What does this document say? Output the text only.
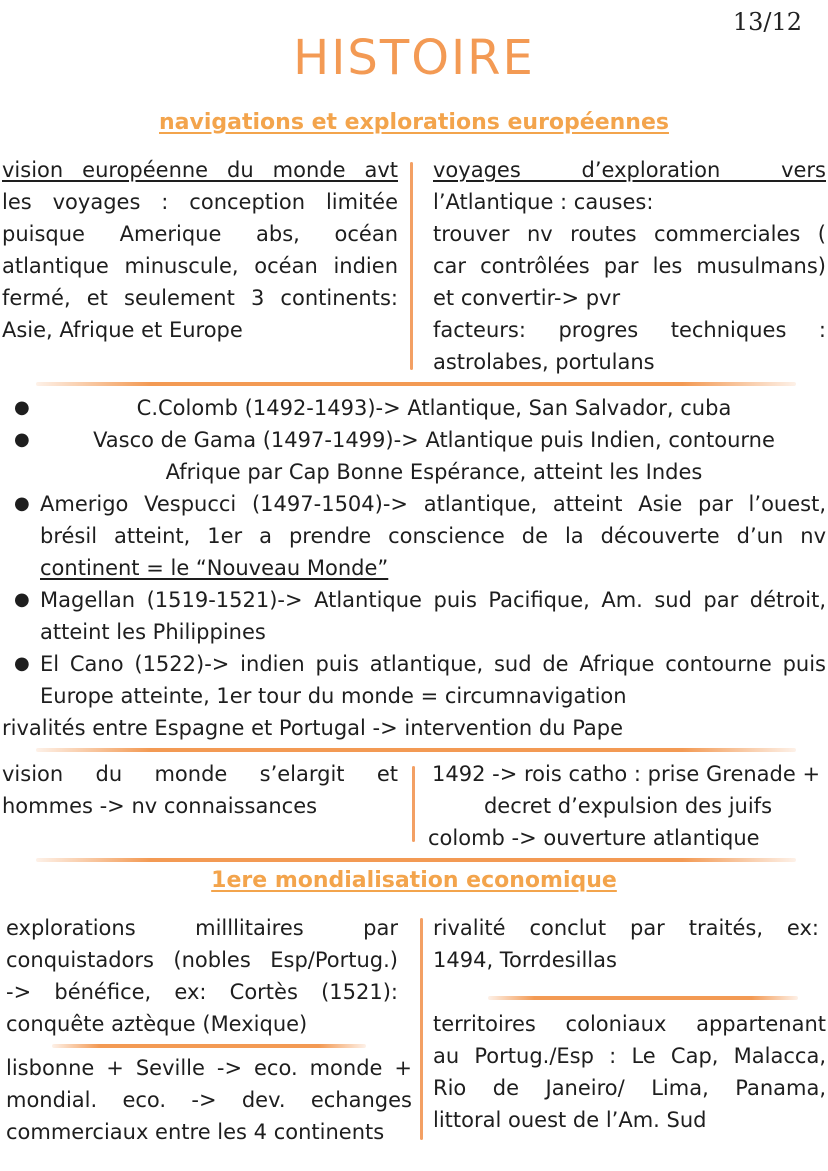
13/12
HISTOIRE
navigations et explorations européennes
vision européenne du monde avt
les voyages : conception limitée
puisque Amerique abs, océan
atlantique minuscule, océan indien
fermé, et seulement 3 continents:
Asie, Afrique et Europe
voyages d’exploration vers
l’Atlantique : causes:
trouver nv routes commerciales (
car contrôlées par les musulmans)
et convertir-> pvr
facteurs: progres techniques :
astrolabes, portulans
●	C.Colomb (1492-1493)-> Atlantique, San Salvador, cuba
●	Vasco de Gama (1497-1499)-> Atlantique puis Indien, contourne
Afrique par Cap Bonne Espérance, atteint les Indes
● Amerigo Vespucci (1497-1504)-> atlantique, atteint Asie par l’ouest,
brésil atteint, 1er a prendre conscience de la découverte d’un nv
continent = le “Nouveau Monde”
● Magellan (1519-1521)-> Atlantique puis Pacifique, Am. sud par détroit,
atteint les Philippines
● El Cano (1522)-> indien puis atlantique, sud de Afrique contourne puis
Europe atteinte, 1er tour du monde = circumnavigation
rivalités entre Espagne et Portugal -> intervention du Pape
vision du monde s’elargit et
hommes -> nv connaissances
1492 -> rois catho : prise Grenade +
decret d’expulsion des juifs
colomb -> ouverture atlantique
1ere mondialisation economique
explorations milllitaires par
conquistadors (nobles Esp/Portug.)
-> bénéfice, ex: Cortès (1521):
conquête aztèque (Mexique)
lisbonne + Seville -> eco. monde +
mondial. eco. -> dev. echanges
commerciaux entre les 4 continents
rivalité conclut par traités, ex:
1494, Torrdesillas
territoires coloniaux appartenant
au Portug./Esp : Le Cap, Malacca,
Rio de Janeiro/ Lima, Panama,
littoral ouest de l’Am. Sud
